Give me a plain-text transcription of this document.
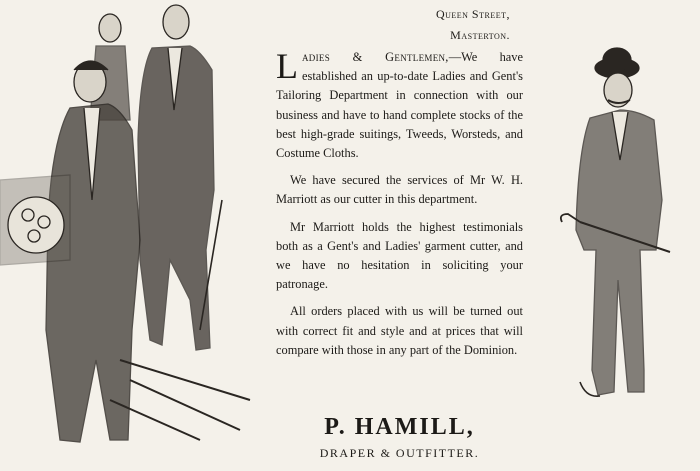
Queen Street,
Masterton.

Ladies & Gentlemen,—We have established an up-to-date Ladies and Gent's Tailoring Department in connection with our business and have to hand complete stocks of the best high-grade suitings, Tweeds, Worsteds, and Costume Cloths.

We have secured the services of Mr W. H. Marriott as our cutter in this department.

Mr Marriott holds the highest testimonials both as a Gent's and Ladies' garment cutter, and we have no hesitation in soliciting your patronage.

All orders placed with us will be turned out with correct fit and style and at prices that will compare with those in any part of the Dominion.

P. HAMILL,
DRAPER & OUTFITTER.
